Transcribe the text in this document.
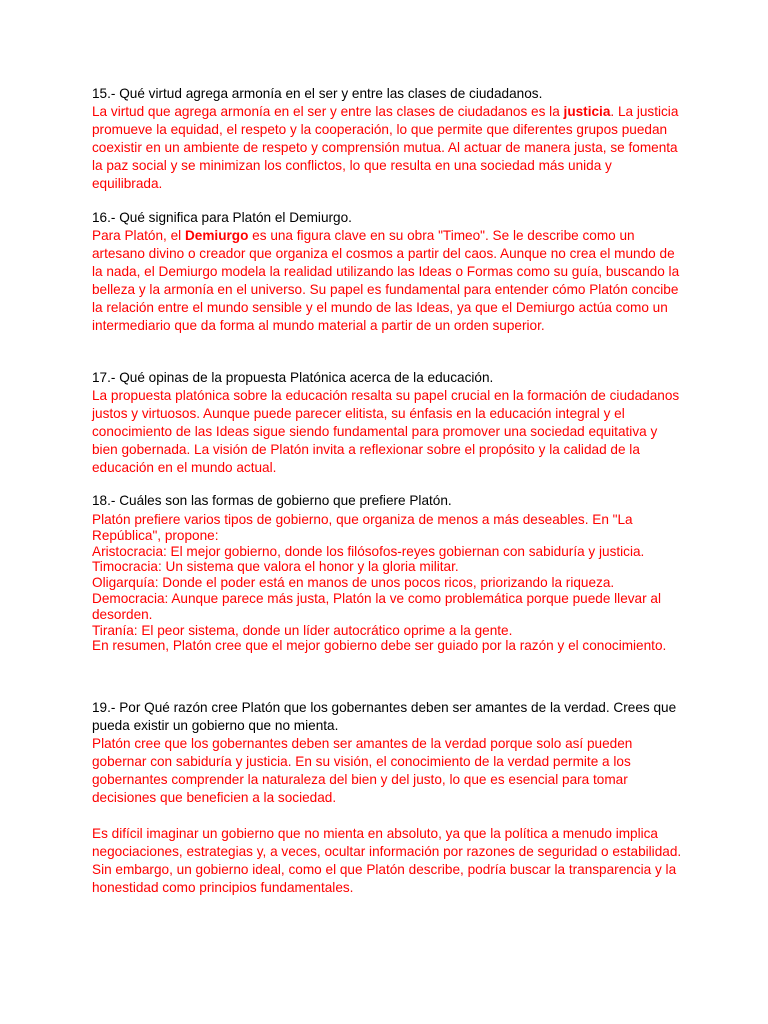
15.- Qué virtud agrega armonía en el ser y entre las clases de ciudadanos.

La virtud que agrega armonía en el ser y entre las clases de ciudadanos es la justicia. La justicia promueve la equidad, el respeto y la cooperación, lo que permite que diferentes grupos puedan coexistir en un ambiente de respeto y comprensión mutua. Al actuar de manera justa, se fomenta la paz social y se minimizan los conflictos, lo que resulta en una sociedad más unida y equilibrada.

16.- Qué significa para Platón el Demiurgo.

Para Platón, el Demiurgo es una figura clave en su obra "Timeo". Se le describe como un artesano divino o creador que organiza el cosmos a partir del caos. Aunque no crea el mundo de la nada, el Demiurgo modela la realidad utilizando las Ideas o Formas como su guía, buscando la belleza y la armonía en el universo. Su papel es fundamental para entender cómo Platón concibe la relación entre el mundo sensible y el mundo de las Ideas, ya que el Demiurgo actúa como un intermediario que da forma al mundo material a partir de un orden superior.

17.- Qué opinas de la propuesta Platónica acerca de la educación.

La propuesta platónica sobre la educación resalta su papel crucial en la formación de ciudadanos justos y virtuosos. Aunque puede parecer elitista, su énfasis en la educación integral y el conocimiento de las Ideas sigue siendo fundamental para promover una sociedad equitativa y bien gobernada. La visión de Platón invita a reflexionar sobre el propósito y la calidad de la educación en el mundo actual.

18.- Cuáles son las formas de gobierno que prefiere Platón.

Platón prefiere varios tipos de gobierno, que organiza de menos a más deseables. En "La República", propone:

Aristocracia: El mejor gobierno, donde los filósofos-reyes gobiernan con sabiduría y justicia.

Timocracia: Un sistema que valora el honor y la gloria militar.

Oligarquía: Donde el poder está en manos de unos pocos ricos, priorizando la riqueza.

Democracia: Aunque parece más justa, Platón la ve como problemática porque puede llevar al desorden.

Tiranía: El peor sistema, donde un líder autocrático oprime a la gente.

En resumen, Platón cree que el mejor gobierno debe ser guiado por la razón y el conocimiento.

19.- Por Qué razón cree Platón que los gobernantes deben ser amantes de la verdad. Crees que pueda existir un gobierno que no mienta.

Platón cree que los gobernantes deben ser amantes de la verdad porque solo así pueden gobernar con sabiduría y justicia. En su visión, el conocimiento de la verdad permite a los gobernantes comprender la naturaleza del bien y del justo, lo que es esencial para tomar decisiones que beneficien a la sociedad.

Es difícil imaginar un gobierno que no mienta en absoluto, ya que la política a menudo implica negociaciones, estrategias y, a veces, ocultar información por razones de seguridad o estabilidad. Sin embargo, un gobierno ideal, como el que Platón describe, podría buscar la transparencia y la honestidad como principios fundamentales.
